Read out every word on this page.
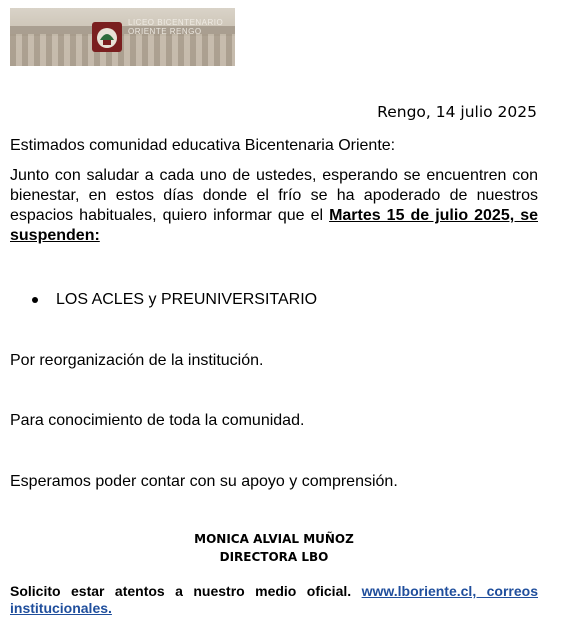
LICEO BICENTENARIO
ORIENTE RENGO
Rengo, 14 julio 2025
Estimados comunidad educativa Bicentenaria Oriente:
Junto con saludar a cada uno de ustedes, esperando se encuentren con bienestar, en estos días donde el frío se ha apoderado de nuestros espacios habituales, quiero informar que el Martes 15 de julio 2025, se suspenden:
LOS ACLES y PREUNIVERSITARIO
Por reorganización de la institución.
Para conocimiento de toda la comunidad.
Esperamos poder contar con su apoyo y comprensión.
MONICA ALVIAL MUÑOZ
DIRECTORA LBO
Solicito estar atentos a nuestro medio oficial. www.lboriente.cl, correos institucionales.
